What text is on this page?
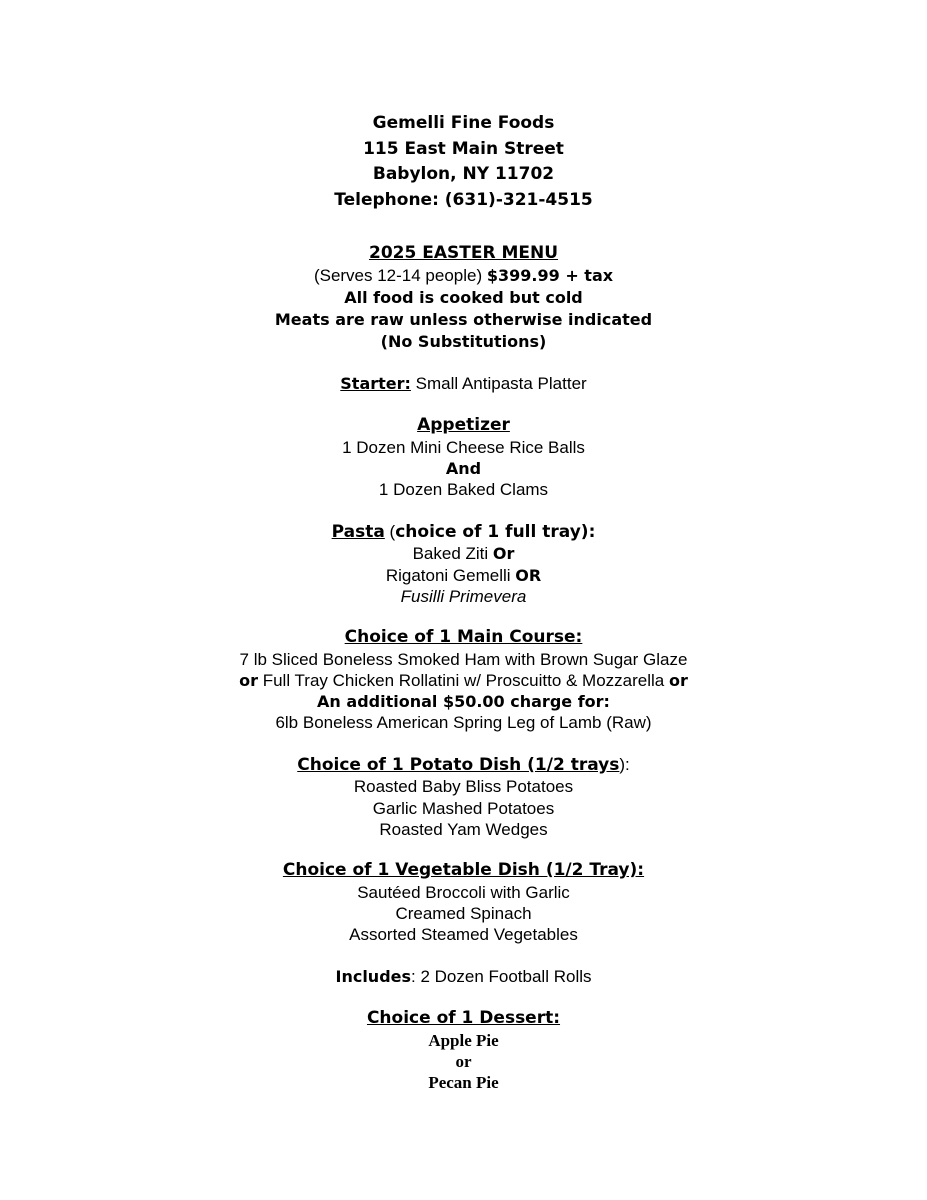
Gemelli Fine Foods

115 East Main Street

Babylon, NY 11702

Telephone: (631)-321-4515

2025 EASTER MENU
(Serves 12-14 people) $399.99 + tax
All food is cooked but cold
Meats are raw unless otherwise indicated
(No Substitutions)
Starter: Small Antipasta Platter
Appetizer
1 Dozen Mini Cheese Rice Balls
And
1 Dozen Baked Clams
Pasta (choice of 1 full tray):
Baked Ziti Or
Rigatoni Gemelli OR
Fusilli Primevera
Choice of 1 Main Course:
7 lb Sliced Boneless Smoked Ham with Brown Sugar Glaze
or Full Tray Chicken Rollatini w/ Proscuitto & Mozzarella or
An additional $50.00 charge for:
6lb Boneless American Spring Leg of Lamb (Raw)
Choice of 1 Potato Dish (1/2 trays):
Roasted Baby Bliss Potatoes
Garlic Mashed Potatoes
Roasted Yam Wedges
Choice of 1 Vegetable Dish (1/2 Tray):
Sautéed Broccoli with Garlic
Creamed Spinach
Assorted Steamed Vegetables
Includes: 2 Dozen Football Rolls
Choice of 1 Dessert:
Apple Pie
or
Pecan Pie
